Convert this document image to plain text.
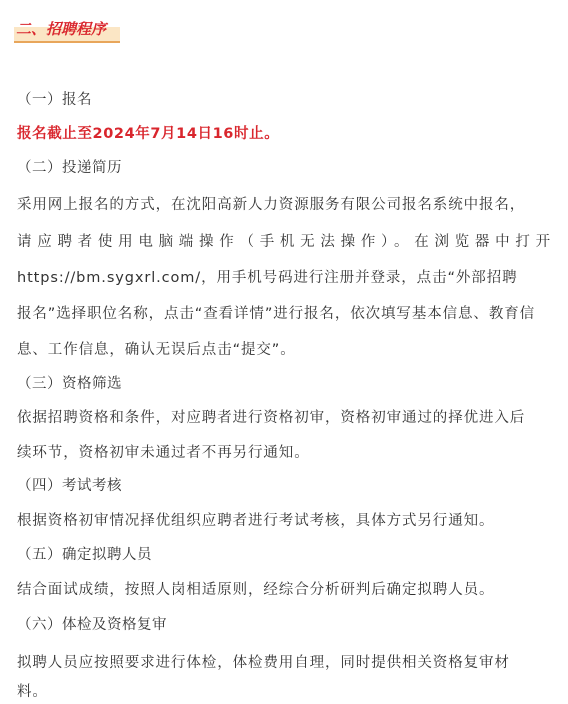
二、招聘程序
（一）报名
报名截止至2024年7月14日16时止。
（二）投递简历
采用网上报名的方式，在沈阳高新人力资源服务有限公司报名系统中报名，
请应聘者使用电脑端操作（手机无法操作）。在浏览器中打开
https://bm.sygxrl.com/，用手机号码进行注册并登录，点击“外部招聘
报名”选择职位名称，点击“查看详情”进行报名，依次填写基本信息、教育信
息、工作信息，确认无误后点击“提交”。
（三）资格筛选
依据招聘资格和条件，对应聘者进行资格初审，资格初审通过的择优进入后
续环节，资格初审未通过者不再另行通知。
（四）考试考核
根据资格初审情况择优组织应聘者进行考试考核，具体方式另行通知。
（五）确定拟聘人员
结合面试成绩，按照人岗相适原则，经综合分析研判后确定拟聘人员。
（六）体检及资格复审
拟聘人员应按照要求进行体检，体检费用自理，同时提供相关资格复审材
料。
